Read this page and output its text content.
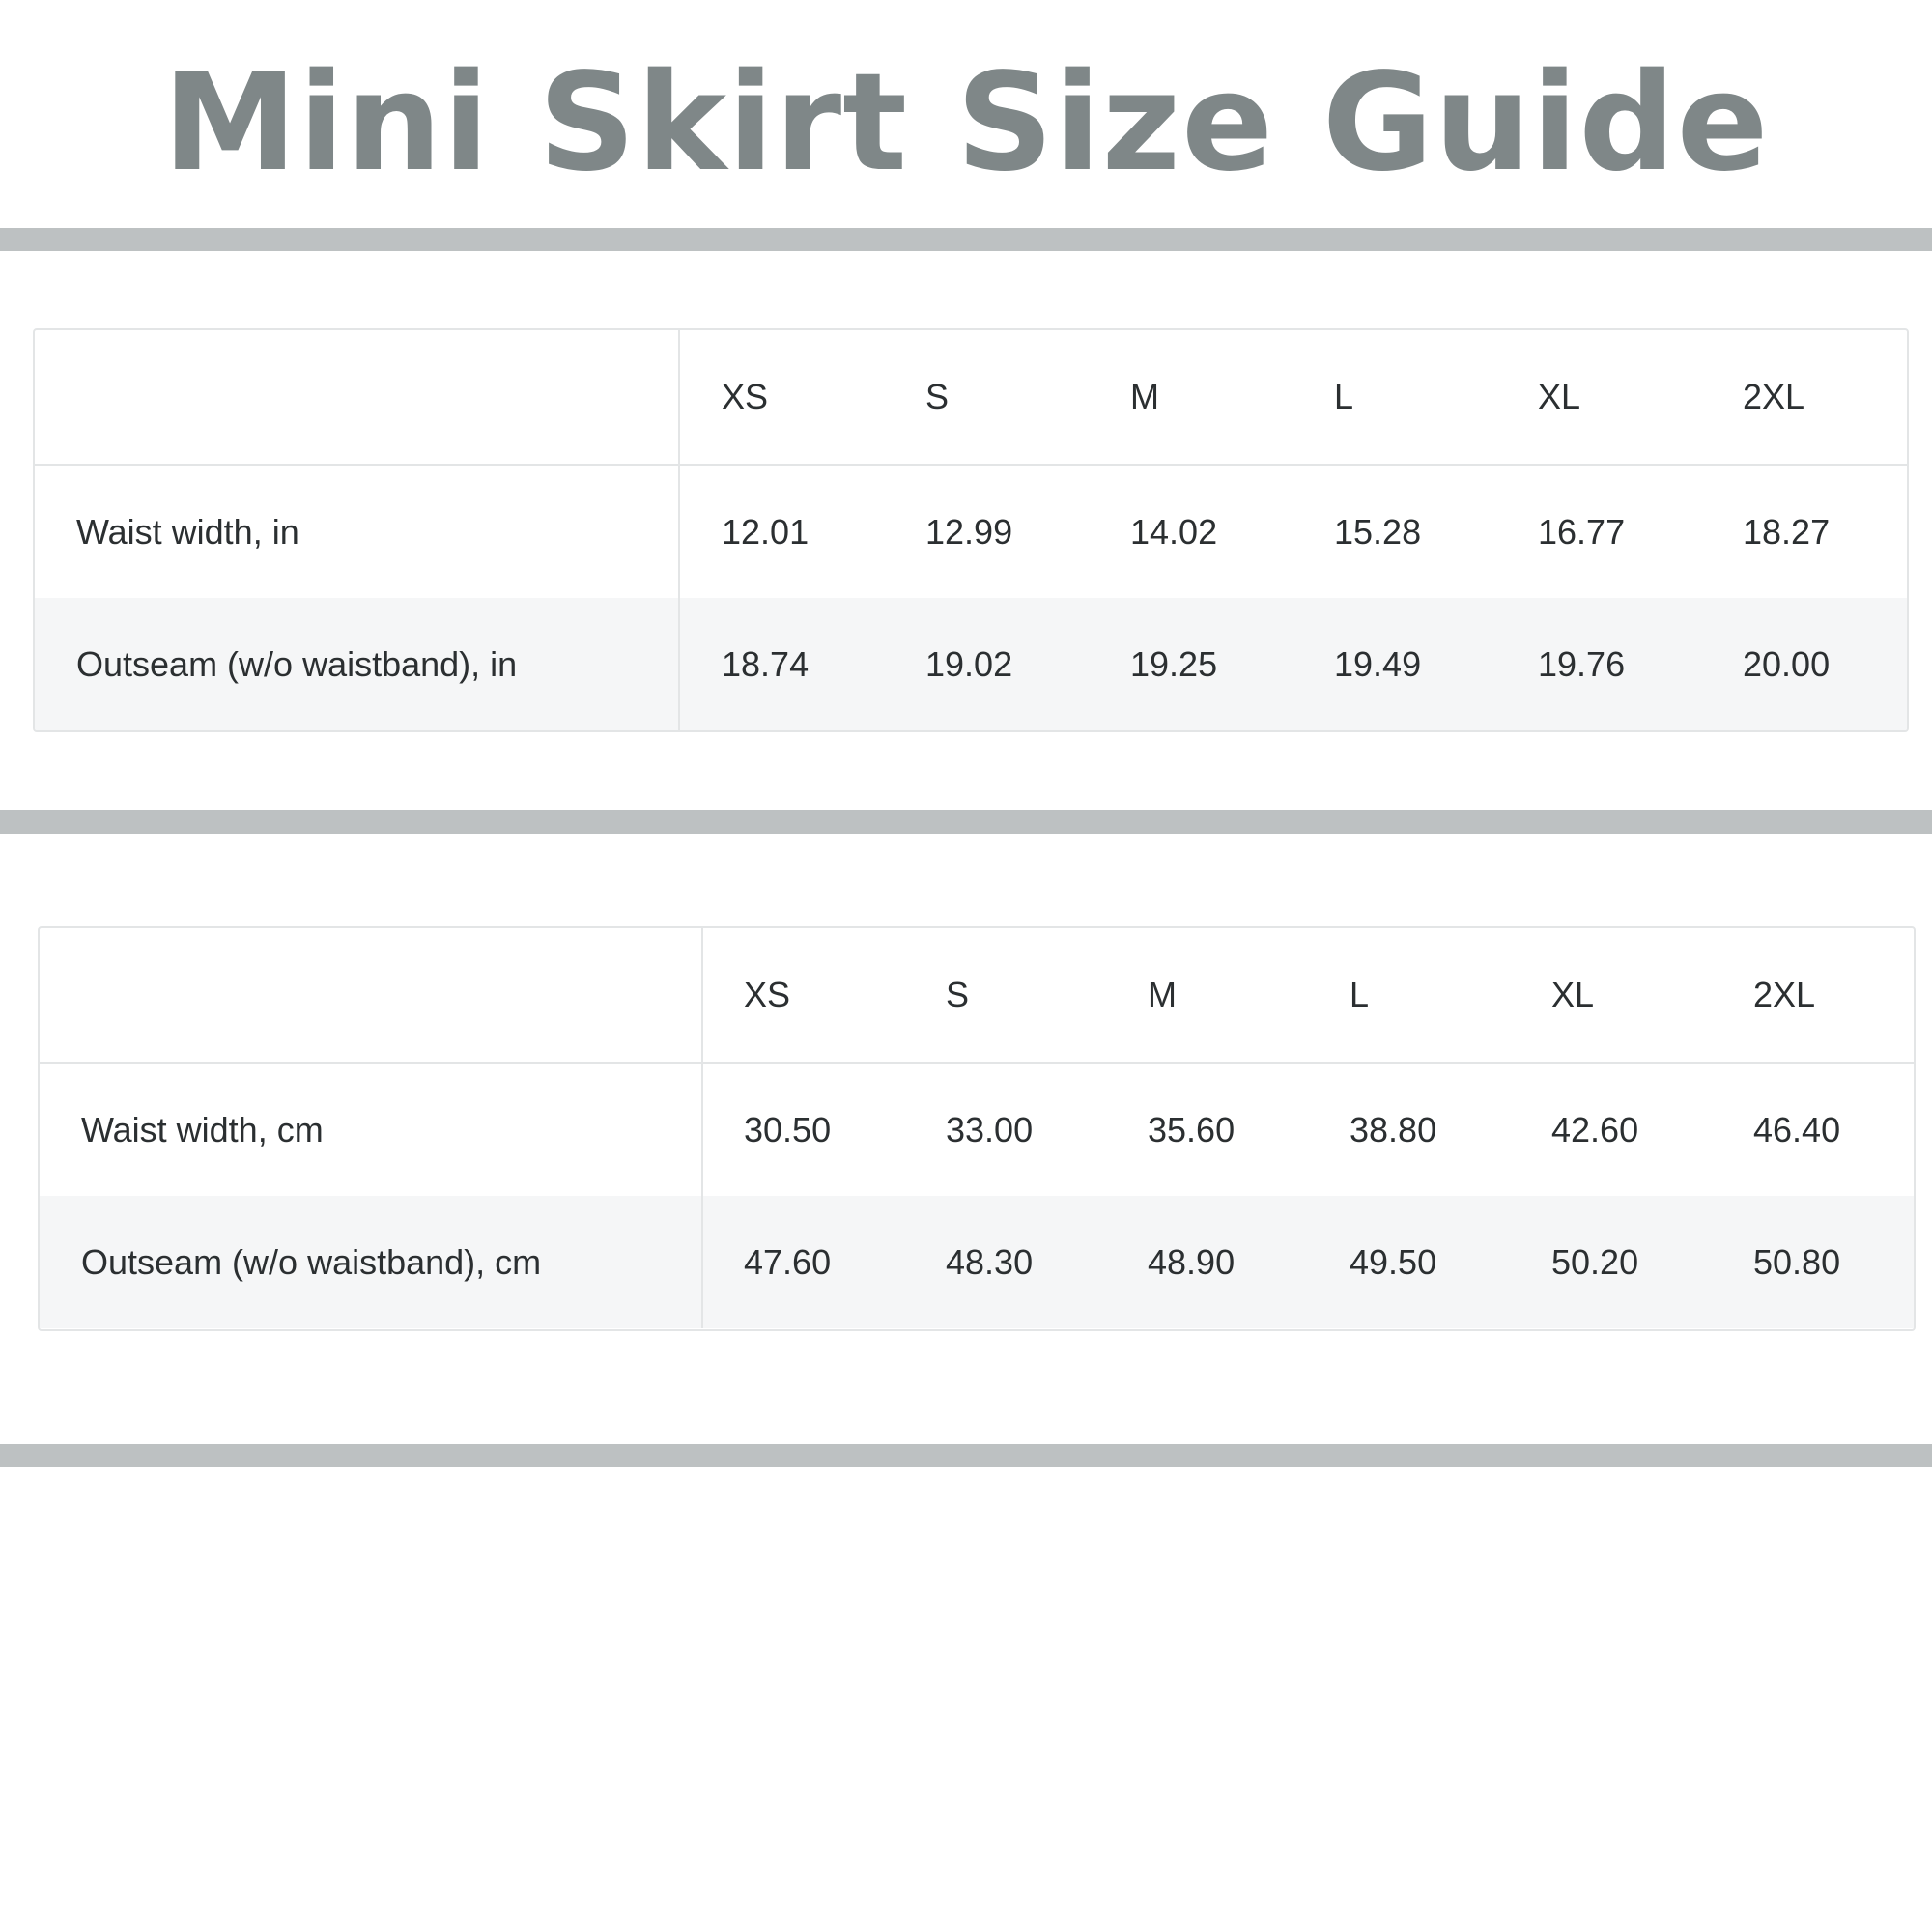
Mini Skirt Size Guide
XS	S	M	L	XL	2XL
Waist width, in	12.01	12.99	14.02	15.28	16.77	18.27
Outseam (w/o waistband), in	18.74	19.02	19.25	19.49	19.76	20.00
XS	S	M	L	XL	2XL
Waist width, cm	30.50	33.00	35.60	38.80	42.60	46.40
Outseam (w/o waistband), cm	47.60	48.30	48.90	49.50	50.20	50.80
